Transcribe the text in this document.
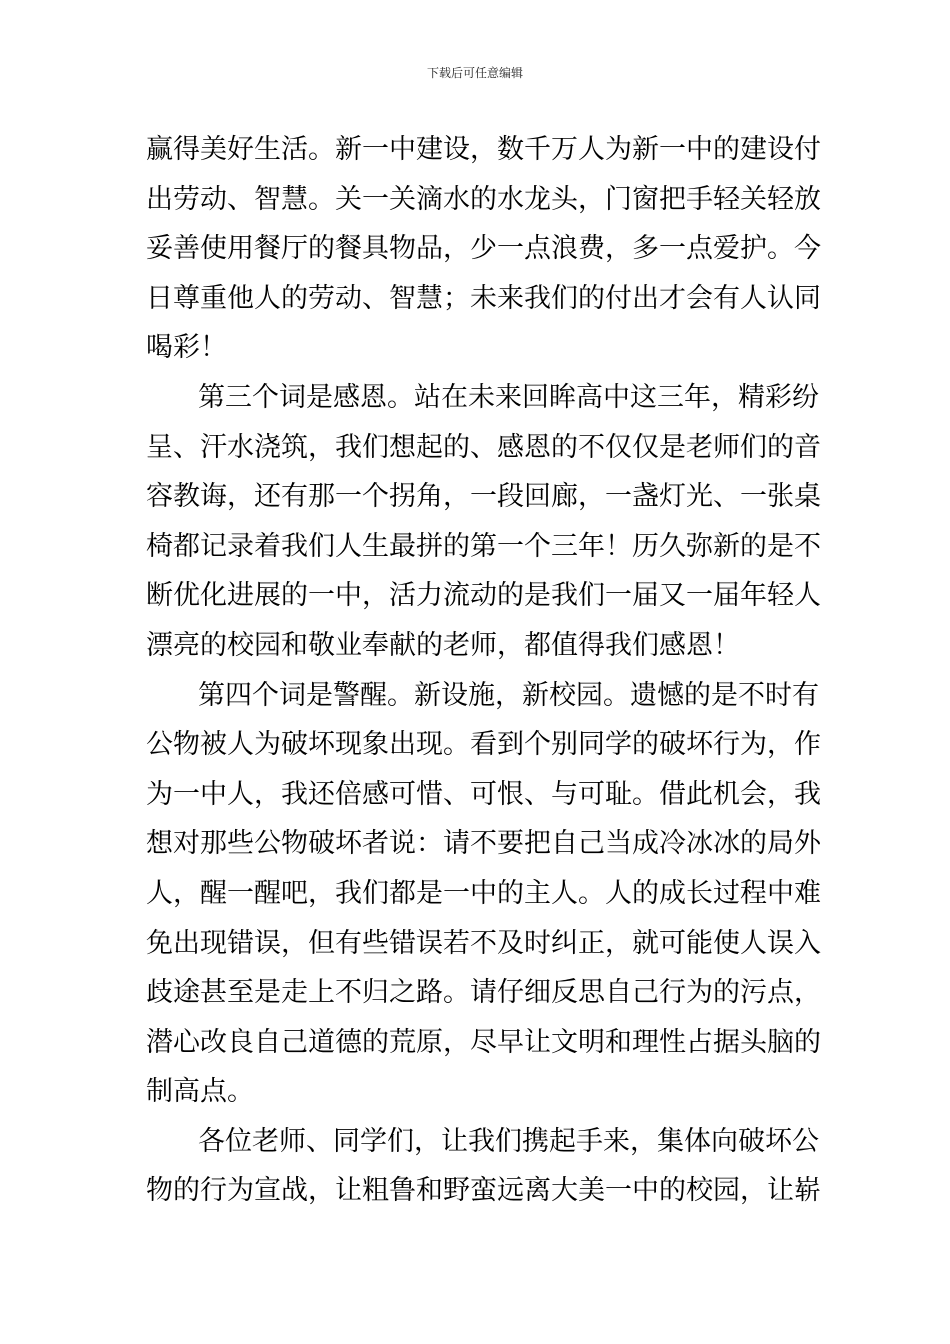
下载后可任意编辑
赢得美好生活。新一中建设，数千万人为新一中的建设付
出劳动、智慧。关一关滴水的水龙头，门窗把手轻关轻放
妥善使用餐厅的餐具物品，少一点浪费，多一点爱护。今
日尊重他人的劳动、智慧；未来我们的付出才会有人认同
喝彩！
第三个词是感恩。站在未来回眸高中这三年，精彩纷
呈、汗水浇筑，我们想起的、感恩的不仅仅是老师们的音
容教诲，还有那一个拐角，一段回廊，一盏灯光、一张桌
椅都记录着我们人生最拼的第一个三年！历久弥新的是不
断优化进展的一中，活力流动的是我们一届又一届年轻人
漂亮的校园和敬业奉献的老师，都值得我们感恩！
第四个词是警醒。新设施，新校园。遗憾的是不时有
公物被人为破坏现象出现。看到个别同学的破坏行为，作
为一中人，我还倍感可惜、可恨、与可耻。借此机会，我
想对那些公物破坏者说：请不要把自己当成冷冰冰的局外
人，醒一醒吧，我们都是一中的主人。人的成长过程中难
免出现错误，但有些错误若不及时纠正，就可能使人误入
歧途甚至是走上不归之路。请仔细反思自己行为的污点，
潜心改良自己道德的荒原，尽早让文明和理性占据头脑的
制高点。
各位老师、同学们，让我们携起手来，集体向破坏公
物的行为宣战，让粗鲁和野蛮远离大美一中的校园，让崭
